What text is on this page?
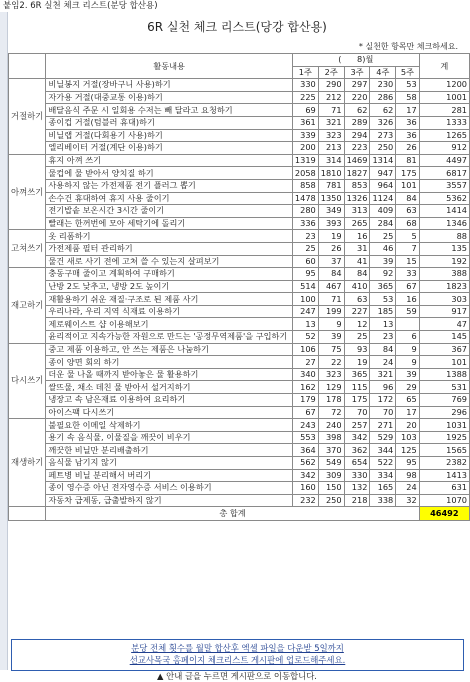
붙임2. 6R 실천 체크 리스트(분당 합산용)
6R 실천 체크 리스트(당강 합산용)
* 실천한 항목만 체크하세요.
	활동내용	( 8)월					계
		1주	2주	3주	4주	5주	
거절하기	비닐봉지 거절(장바구니 사용)하기	330	290	297	230	53	1200
	자가용 거절(대중교통 이용)하기	225	212	220	286	58	1001
	배달음식 주문 시 일회용 수저는 빼 달라고 요청하기	69	71	62	62	17	281
	종이컵 거절(텀블러 휴대)하기	361	321	289	326	36	1333
	비닐랩 거절(다회용기 사용)하기	339	323	294	273	36	1265
	엘리베이터 거절(계단 이용)하기	200	213	223	250	26	912
아껴쓰기	휴지 아껴 쓰기	1319	314	1469	1314	81	4497
	물컵에 물 받아서 양치질 하기	2058	1810	1827	947	175	6817
	사용하지 않는 가전제품 전기 플러그 뽑기	858	781	853	964	101	3557
	손수건 휴대하여 휴지 사용 줄이기	1478	1350	1326	1124	84	5362
	전기밥솥 보온시간 3시간 줄이기	280	349	313	409	63	1414
	빨래는 한꺼번에 모아 세탁기에 돌리기	336	393	265	284	68	1346
고쳐쓰기	옷 리폼하기	23	19	16	25	5	88
	가전제품 필터 관리하기	25	26	31	46	7	135
	물건 새로 사기 전에 고쳐 쓸 수 있는지 살펴보기	60	37	41	39	15	192
재고하기	충동구매 줄이고 계획하여 구매하기	95	84	84	92	33	388
	난방 2도 낮추고, 냉방 2도 높이기	514	467	410	365	67	1823
	재활용하기 쉬운 재질·구조로 된 제품 사기	100	71	63	53	16	303
	우리나라, 우리 지역 식재료 이용하기	247	199	227	185	59	917
	제로웨이스트 샵 이용해보기	13	9	12	13		47
	윤리적이고 지속가능한 자원으로 만드는 '공정무역제품'을 구입하기	52	39	25	23	6	145
다시쓰기	중고 제품 이용하고, 안 쓰는 제품은 나눔하기	106	75	93	84	9	367
	종이 양면 회의 하기	27	22	19	24	9	101
	더운 물 나올 때까지 받아놓은 물 활용하기	340	323	365	321	39	1388
	쌀뜨물, 채소 데친 물 받아서 설거지하기	162	129	115	96	29	531
	냉장고 속 남은재료 이용하여 요리하기	179	178	175	172	65	769
	아이스팩 다시쓰기	67	72	70	70	17	296
재생하기	불필요한 이메일 삭제하기	243	240	257	271	20	1031
	용기 속 음식물, 이물질을 깨끗이 비우기	553	398	342	529	103	1925
	깨끗한 비닐만 분리배출하기	364	370	362	344	125	1565
	음식물 남기지 않기	562	549	654	522	95	2382
	페트병 비닐 분리해서 버리기	342	309	330	334	98	1413
	종이 영수증 아닌 전자영수증 서비스 이용하기	160	150	132	165	24	631
	자동차 급제동, 급출발하지 않기	232	250	218	338	32	1070
	총 합계						46492
분당 전체 횟수를 월말 합산후 엑셀 파일을 다운받 5일까지
선교사목국 홈페이지 체크리스트 게시판에 업로드해주세요.
▲ 안내 글을 누르면 게시판으로 이동합니다.
